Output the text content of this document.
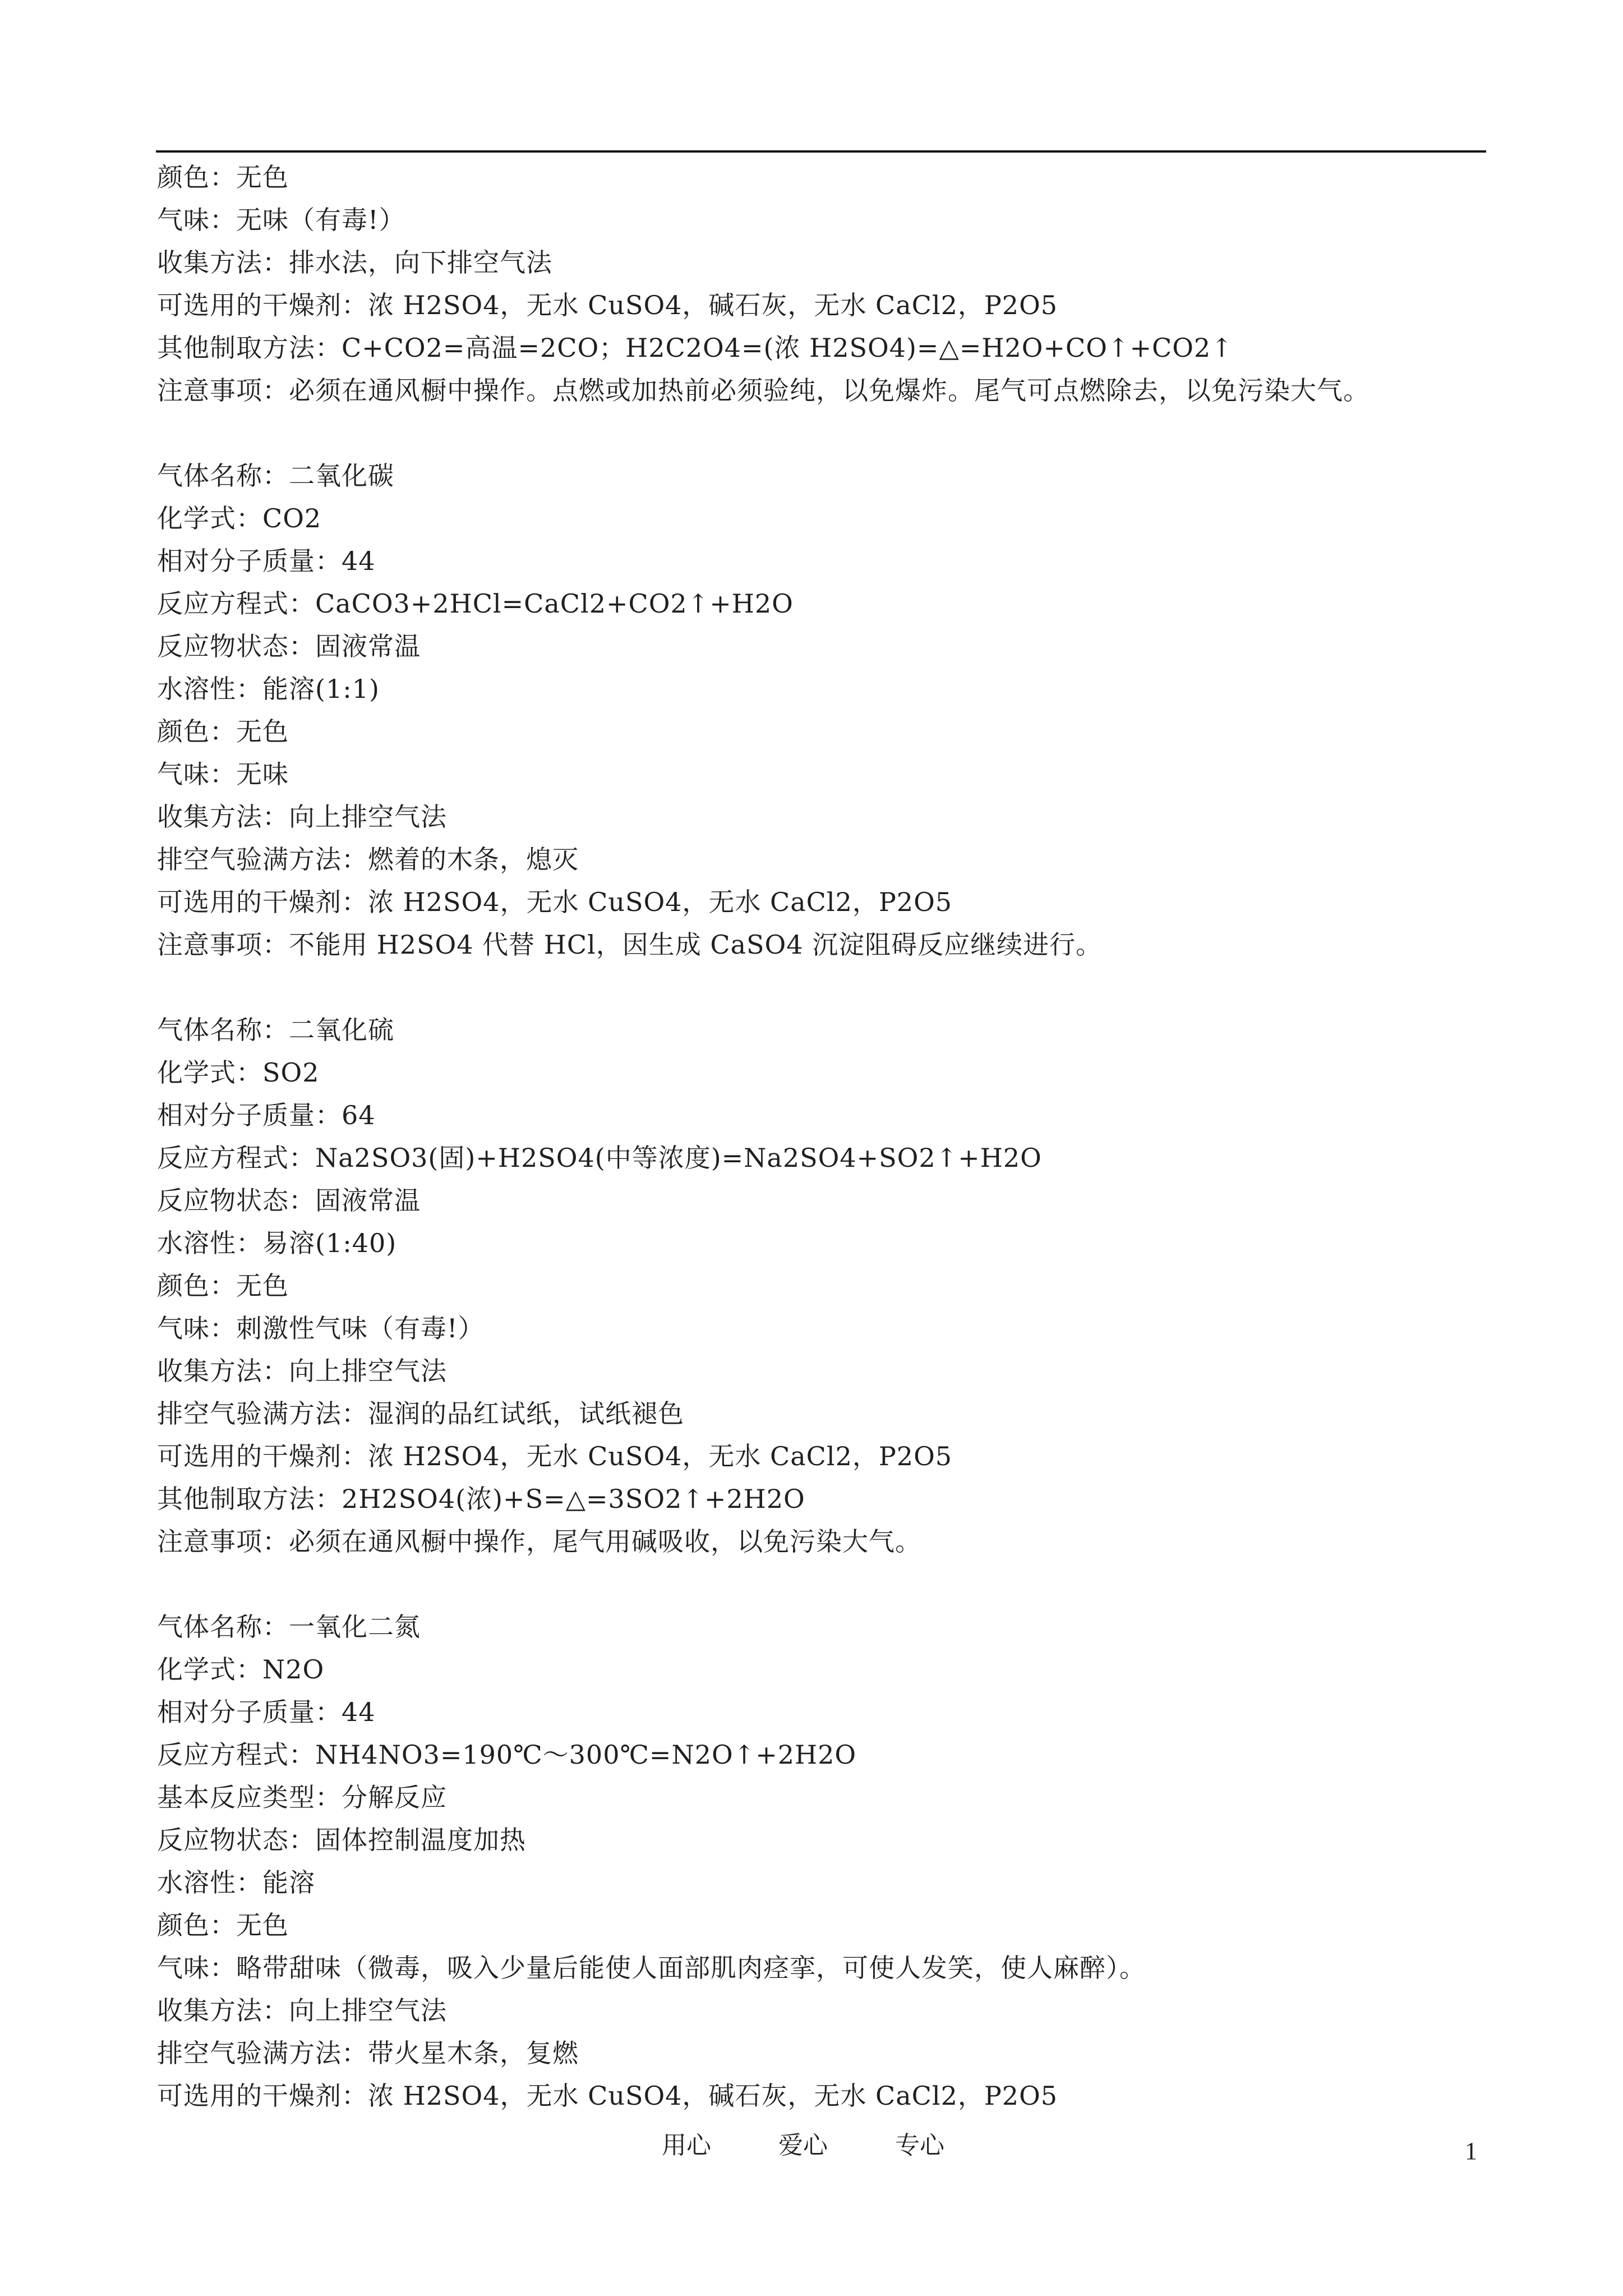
颜色：无色
气味：无味（有毒!）
收集方法：排水法，向下排空气法
可选用的干燥剂：浓 H2SO4，无水 CuSO4，碱石灰，无水 CaCl2，P2O5
其他制取方法：C+CO2=高温=2CO；H2C2O4=(浓 H2SO4)=△=H2O+CO↑+CO2↑
注意事项：必须在通风橱中操作。点燃或加热前必须验纯，以免爆炸。尾气可点燃除去，以免污染大气。
气体名称：二氧化碳
化学式：CO2
相对分子质量：44
反应方程式：CaCO3+2HCl=CaCl2+CO2↑+H2O
反应物状态：固液常温
水溶性：能溶(1:1)
颜色：无色
气味：无味
收集方法：向上排空气法
排空气验满方法：燃着的木条，熄灭
可选用的干燥剂：浓 H2SO4，无水 CuSO4，无水 CaCl2，P2O5
注意事项：不能用 H2SO4 代替 HCl，因生成 CaSO4 沉淀阻碍反应继续进行。
气体名称：二氧化硫
化学式：SO2
相对分子质量：64
反应方程式：Na2SO3(固)+H2SO4(中等浓度)=Na2SO4+SO2↑+H2O
反应物状态：固液常温
水溶性：易溶(1:40)
颜色：无色
气味：刺激性气味（有毒!）
收集方法：向上排空气法
排空气验满方法：湿润的品红试纸，试纸褪色
可选用的干燥剂：浓 H2SO4，无水 CuSO4，无水 CaCl2，P2O5
其他制取方法：2H2SO4(浓)+S=△=3SO2↑+2H2O
注意事项：必须在通风橱中操作，尾气用碱吸收，以免污染大气。
气体名称：一氧化二氮
化学式：N2O
相对分子质量：44
反应方程式：NH4NO3=190℃～300℃=N2O↑+2H2O
基本反应类型：分解反应
反应物状态：固体控制温度加热
水溶性：能溶
颜色：无色
气味：略带甜味（微毒，吸入少量后能使人面部肌肉痉挛，可使人发笑，使人麻醉）。
收集方法：向上排空气法
排空气验满方法：带火星木条，复燃
可选用的干燥剂：浓 H2SO4，无水 CuSO4，碱石灰，无水 CaCl2，P2O5
用心	爱心	专心	1
